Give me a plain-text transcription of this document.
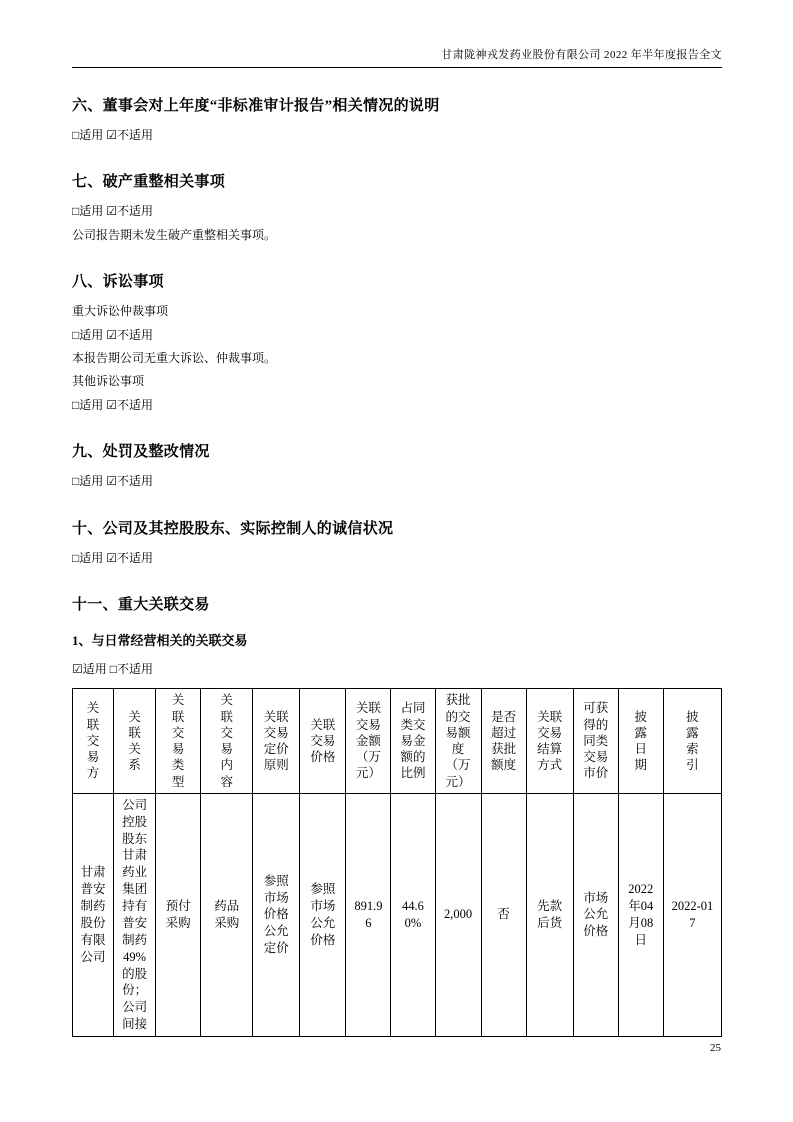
甘肃陇神戎发药业股份有限公司 2022 年半年度报告全文
六、董事会对上年度“非标准审计报告”相关情况的说明
□适用 ☑不适用
七、破产重整相关事项
□适用 ☑不适用
公司报告期未发生破产重整相关事项。
八、诉讼事项
重大诉讼仲裁事项
□适用 ☑不适用
本报告期公司无重大诉讼、仲裁事项。
其他诉讼事项
□适用 ☑不适用
九、处罚及整改情况
□适用 ☑不适用
十、公司及其控股股东、实际控制人的诚信状况
□适用 ☑不适用
十一、重大关联交易
1、与日常经营相关的关联交易
☑适用 □不适用
关联交易方	关联关系	关联交易类型	关联交易内容	关联交易定价原则	关联交易价格	关联交易金额（万元）	占同类交易金额的比例	获批的交易额度（万元）	是否超过获批额度	关联交易结算方式	可获得的同类交易市价	披露日期	披露索引

甘肃普安制药股份有限公司	公司控股股东甘肃药业集团持有普安制药49%的股份；公司间接	预付采购	药品采购	参照市场价格公允定价	参照市场公允价格	891.96	44.60%	2,000	否	先款后货	市场公允价格	2022年04月08日	2022-017
25
